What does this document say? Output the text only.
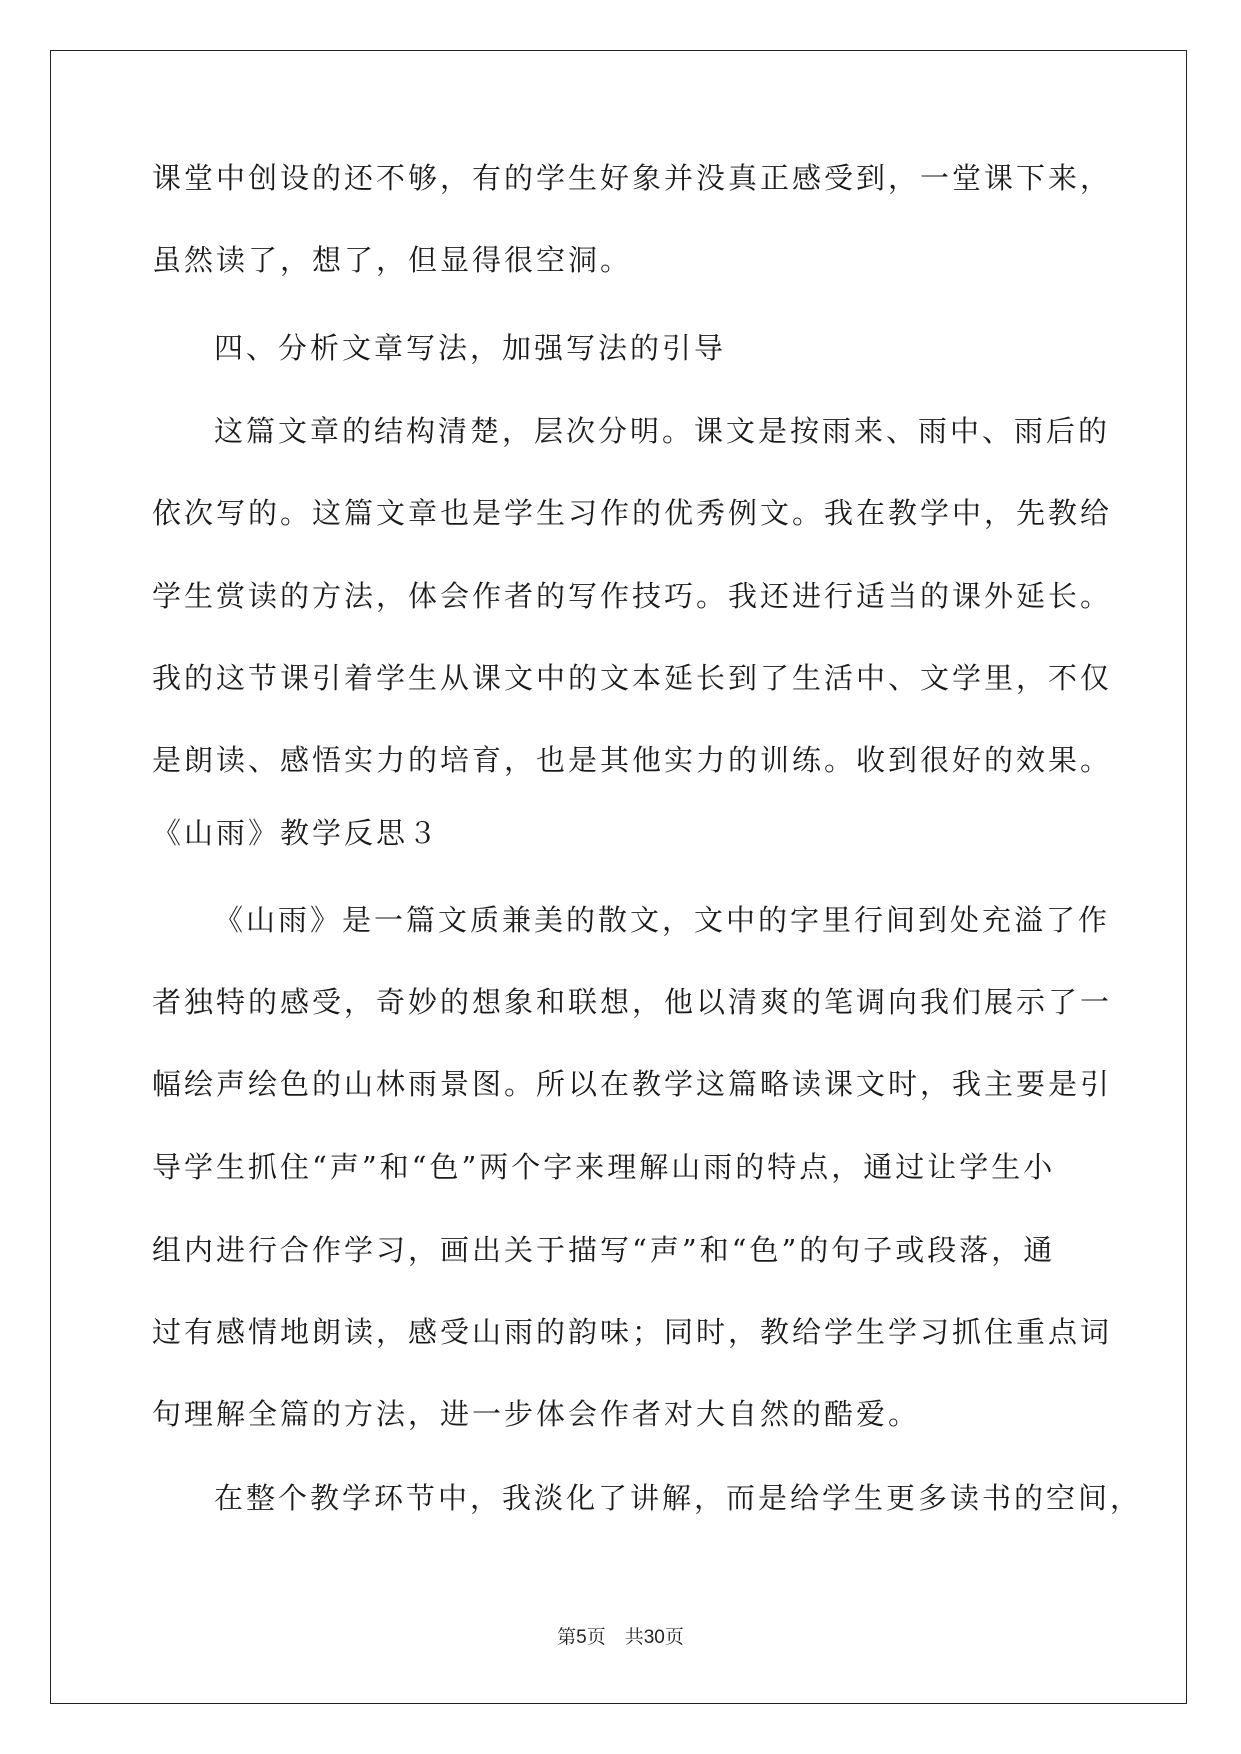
课堂中创设的还不够，有的学生好象并没真正感受到，一堂课下来，
虽然读了，想了，但显得很空洞。
四、分析文章写法，加强写法的引导
这篇文章的结构清楚，层次分明。课文是按雨来、雨中、雨后的
依次写的。这篇文章也是学生习作的优秀例文。我在教学中，先教给
学生赏读的方法，体会作者的写作技巧。我还进行适当的课外延长。
我的这节课引着学生从课文中的文本延长到了生活中、文学里，不仅
是朗读、感悟实力的培育，也是其他实力的训练。收到很好的效果。
《山雨》教学反思３
《山雨》是一篇文质兼美的散文，文中的字里行间到处充溢了作
者独特的感受，奇妙的想象和联想，他以清爽的笔调向我们展示了一
幅绘声绘色的山林雨景图。所以在教学这篇略读课文时，我主要是引
导学生抓住“声”和“色”两个字来理解山雨的特点，通过让学生小
组内进行合作学习，画出关于描写“声”和“色”的句子或段落，通
过有感情地朗读，感受山雨的韵味；同时，教给学生学习抓住重点词
句理解全篇的方法，进一步体会作者对大自然的酷爱。
在整个教学环节中，我淡化了讲解，而是给学生更多读书的空间，
第5页　共30页
